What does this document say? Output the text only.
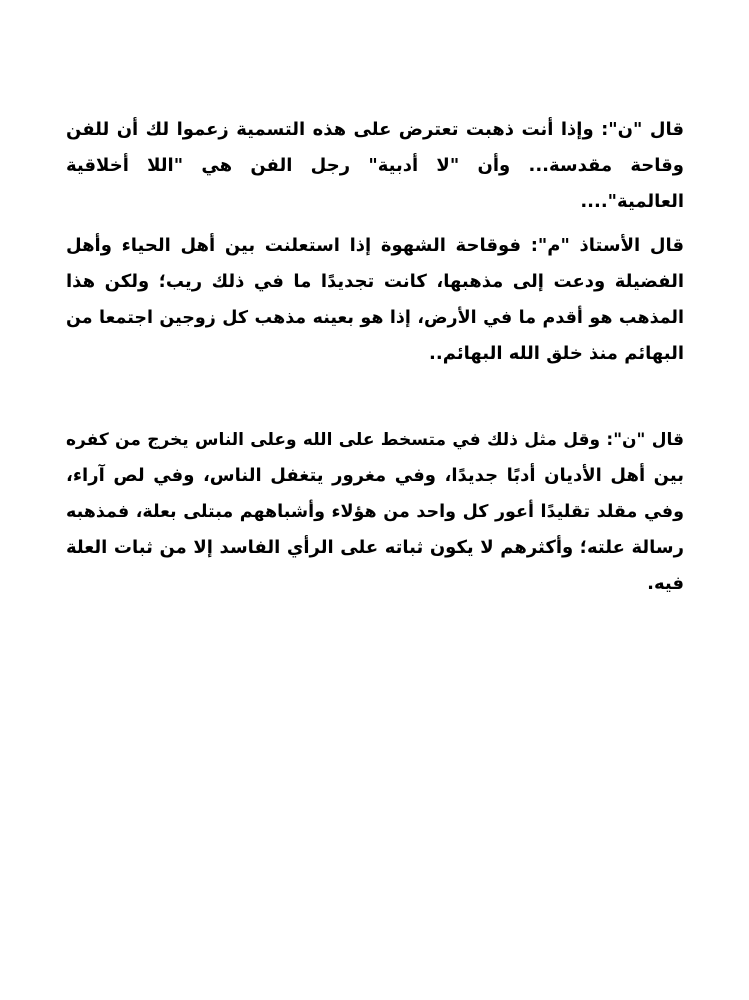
قال "ن": وإذا أنت ذهبت تعترض على هذه التسمية زعموا لك أن للفن
وقاحة مقدسة... وأن "لا أدبية" رجل الفن هي "اللا أخلاقية
العالمية"....
قال الأستاذ "م": فوقاحة الشهوة إذا استعلنت بين أهل الحياء وأهل
الفضيلة ودعت إلى مذهبها، كانت تجديدًا ما في ذلك ريب؛ ولكن هذا
المذهب هو أقدم ما في الأرض، إذا هو بعينه مذهب كل زوجين اجتمعا من
البهائم منذ خلق الله البهائم..
قال "ن": وقل مثل ذلك في متسخط على الله وعلى الناس يخرج من كفره
بين أهل الأديان أدبًا جديدًا، وفي مغرور يتغفل الناس، وفي لص آراء،
وفي مقلد تقليدًا أعور كل واحد من هؤلاء وأشباههم مبتلى بعلة، فمذهبه
رسالة علته؛ وأكثرهم لا يكون ثباته على الرأي الفاسد إلا من ثبات العلة
فيه.
